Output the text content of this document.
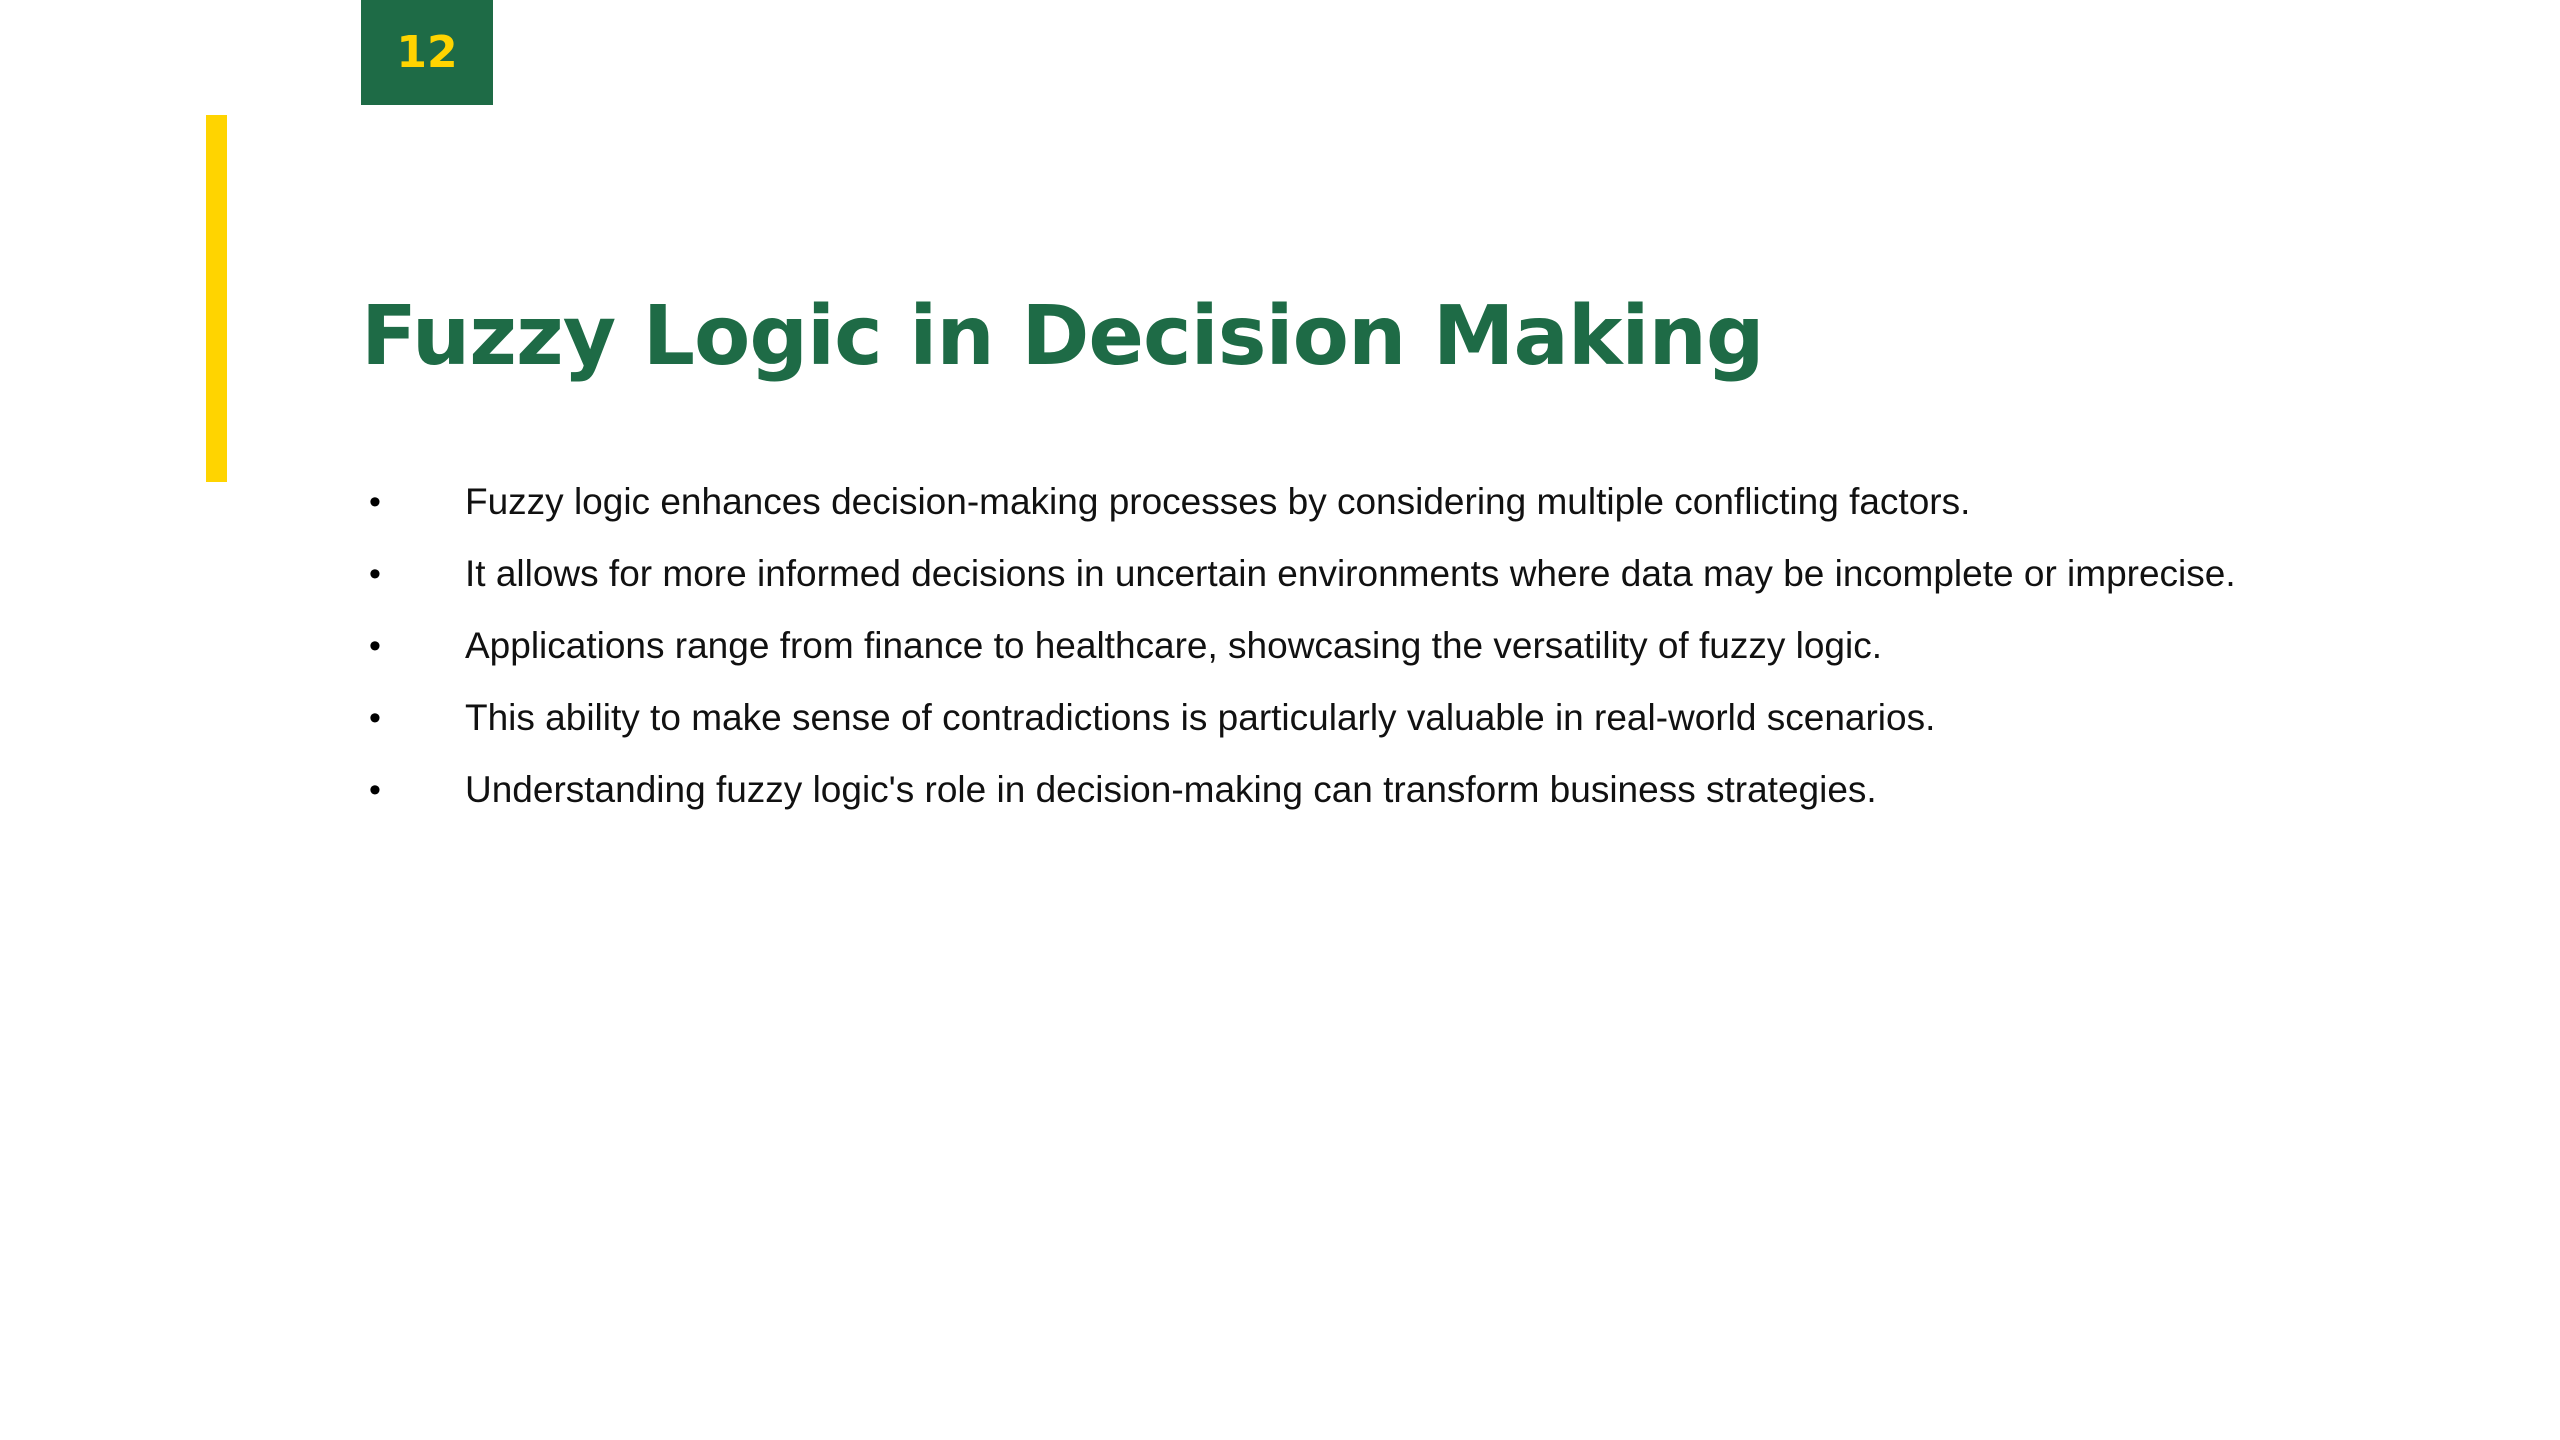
12
Fuzzy Logic in Decision Making
•	Fuzzy logic enhances decision-making processes by considering multiple conflicting factors.
•	It allows for more informed decisions in uncertain environments where data may be incomplete or imprecise.
•	Applications range from finance to healthcare, showcasing the versatility of fuzzy logic.
•	This ability to make sense of contradictions is particularly valuable in real-world scenarios.
•	Understanding fuzzy logic's role in decision-making can transform business strategies.
